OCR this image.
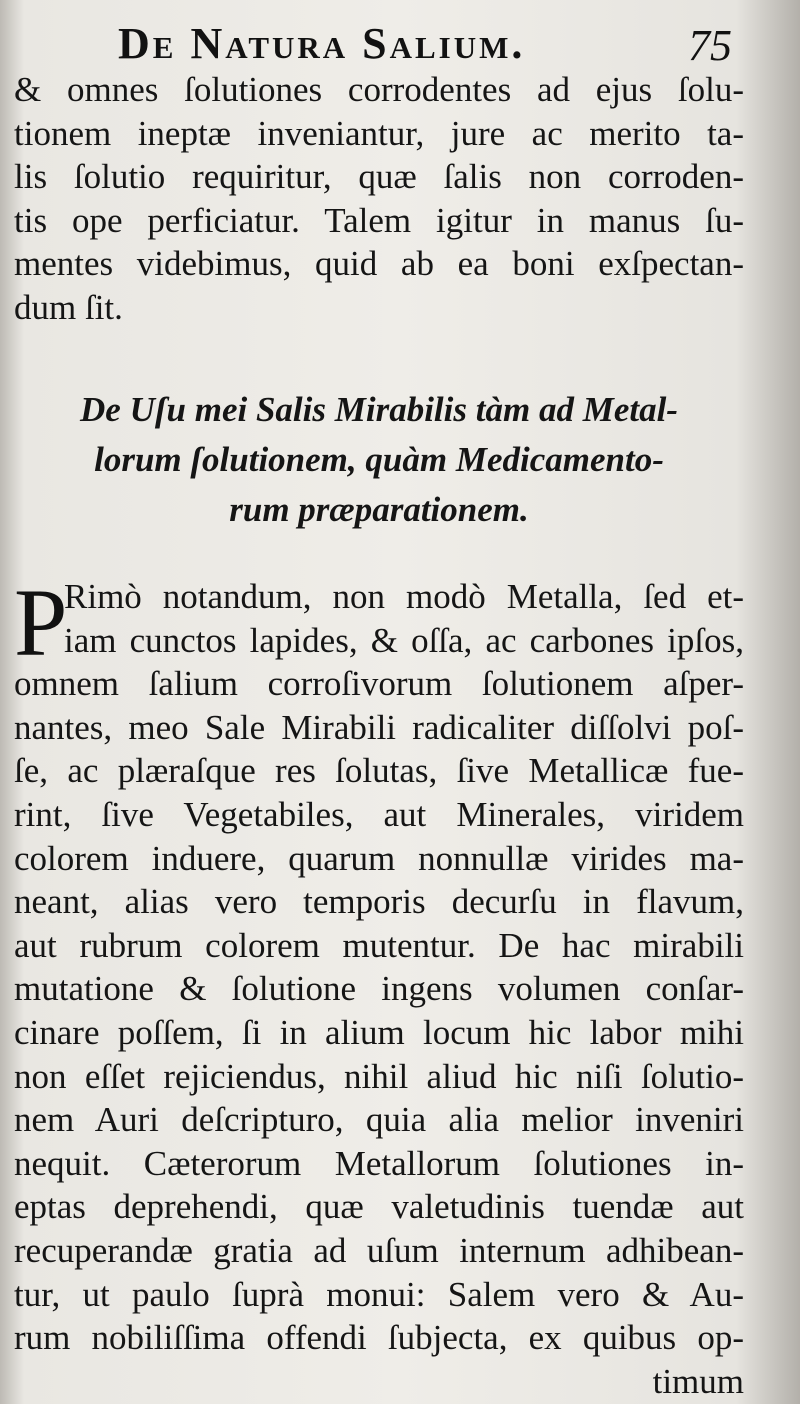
De Natura Salium.	75
& omnes ſolutiones corrodentes ad ejus ſolu-
tionem ineptæ inveniantur, jure ac merito ta-
lis ſolutio requiritur, quæ ſalis non corroden-
tis ope perficiatur. Talem igitur in manus ſu-
mentes videbimus, quid ab ea boni exſpectan-
dum ſit.
De Uſu mei Salis Mirabilis tàm ad Metal-
lorum ſolutionem, quàm Medicamento-
rum præparationem.
P
Rimò notandum, non modò Metalla, ſed et-
iam cunctos lapides, & oſſa, ac carbones ipſos,
omnem ſalium corroſivorum ſolutionem aſper-
nantes, meo Sale Mirabili radicaliter diſſolvi poſ-
ſe, ac plæraſque res ſolutas, ſive Metallicæ fue-
rint, ſive Vegetabiles, aut Minerales, viridem
colorem induere, quarum nonnullæ virides ma-
neant, alias vero temporis decurſu in flavum,
aut rubrum colorem mutentur. De hac mirabili
mutatione & ſolutione ingens volumen conſar-
cinare poſſem, ſi in alium locum hic labor mihi
non eſſet rejiciendus, nihil aliud hic niſi ſolutio-
nem Auri deſcripturo, quia alia melior inveniri
nequit. Cæterorum Metallorum ſolutiones in-
eptas deprehendi, quæ valetudinis tuendæ aut
recuperandæ gratia ad uſum internum adhibean-
tur, ut paulo ſuprà monui: Salem vero & Au-
rum nobiliſſima offendi ſubjecta, ex quibus op-
timum
